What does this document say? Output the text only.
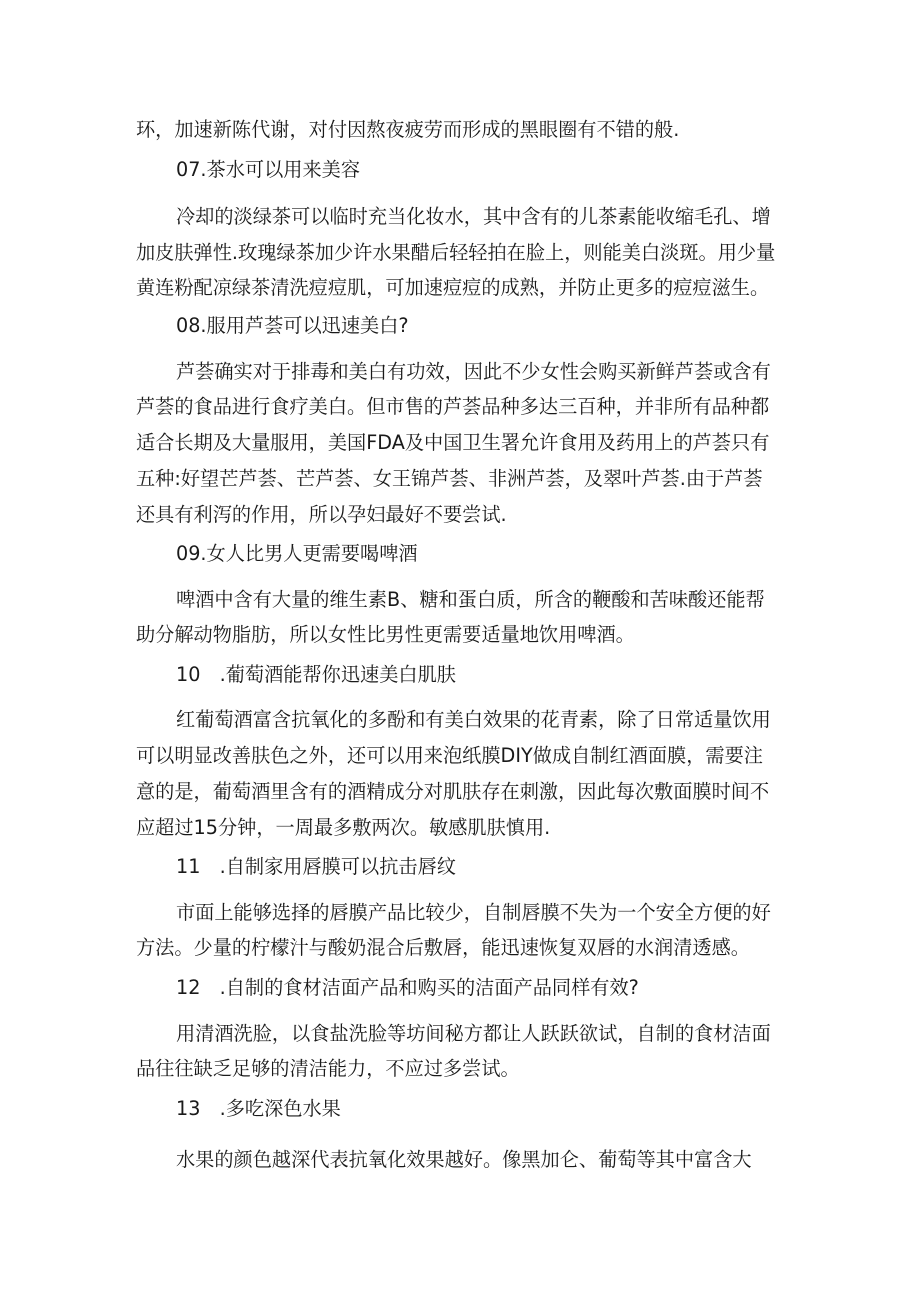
环，加速新陈代谢，对付因熬夜疲劳而形成的黑眼圈有不错的般.
07.茶水可以用来美容
冷却的淡绿茶可以临时充当化妆水，其中含有的儿茶素能收缩毛孔、增
加皮肤弹性.玫瑰绿茶加少许水果醋后轻轻拍在脸上，则能美白淡斑。用少量
黄连粉配凉绿茶清洗痘痘肌，可加速痘痘的成熟，并防止更多的痘痘滋生。
08.服用芦荟可以迅速美白?
芦荟确实对于排毒和美白有功效，因此不少女性会购买新鲜芦荟或含有
芦荟的食品进行食疗美白。但市售的芦荟品种多达三百种，并非所有品种都
适合长期及大量服用，美国FDA及中国卫生署允许食用及药用上的芦荟只有
五种:好望芒芦荟、芒芦荟、女王锦芦荟、非洲芦荟，及翠叶芦荟.由于芦荟
还具有利泻的作用，所以孕妇最好不要尝试.
09.女人比男人更需要喝啤酒
啤酒中含有大量的维生素B、糖和蛋白质，所含的鞭酸和苦味酸还能帮
助分解动物脂肪，所以女性比男性更需要适量地饮用啤酒。
10　.葡萄酒能帮你迅速美白肌肤
红葡萄酒富含抗氧化的多酚和有美白效果的花青素，除了日常适量饮用
可以明显改善肤色之外，还可以用来泡纸膜DIY做成自制红酒面膜，需要注
意的是，葡萄酒里含有的酒精成分对肌肤存在刺激，因此每次敷面膜时间不
应超过15分钟，一周最多敷两次。敏感肌肤慎用.
11　.自制家用唇膜可以抗击唇纹
市面上能够选择的唇膜产品比较少，自制唇膜不失为一个安全方便的好
方法。少量的柠檬汁与酸奶混合后敷唇，能迅速恢复双唇的水润清透感。
12　.自制的食材洁面产品和购买的洁面产品同样有效?
用清酒洗脸，以食盐洗脸等坊间秘方都让人跃跃欲试，自制的食材洁面
品往往缺乏足够的清洁能力，不应过多尝试。
13　.多吃深色水果
水果的颜色越深代表抗氧化效果越好。像黑加仑、葡萄等其中富含大
